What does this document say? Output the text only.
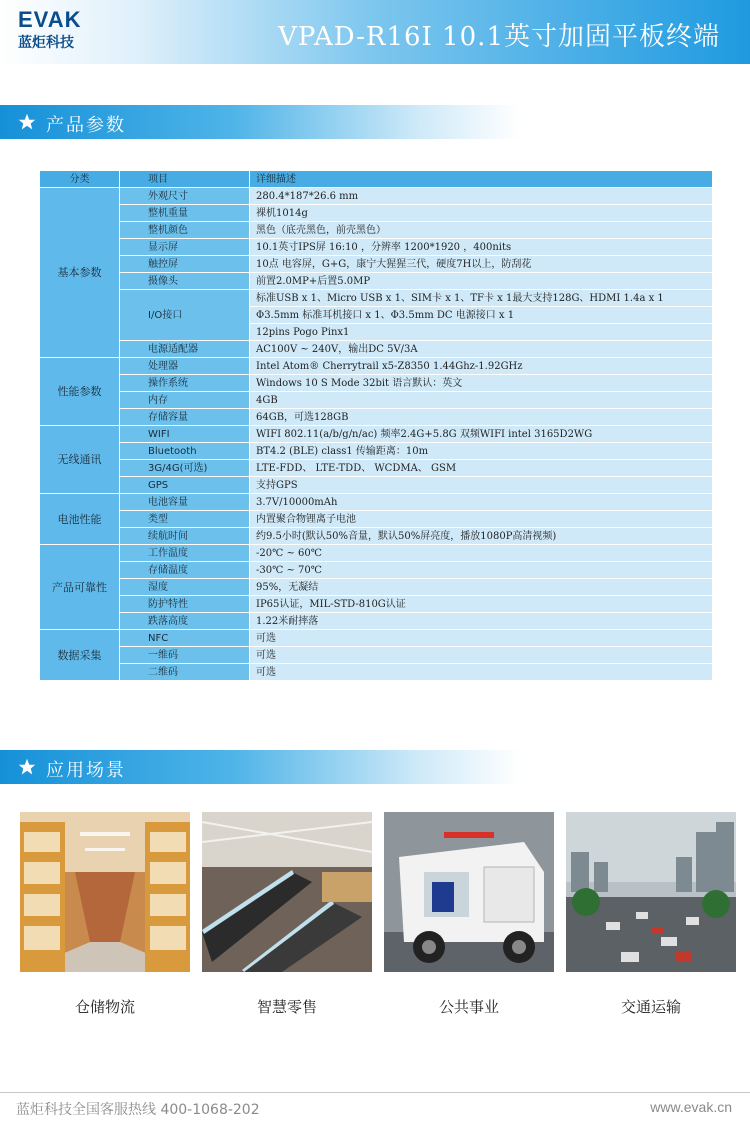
EVAK
蓝炬科技	VPAD-R16I 10.1英寸加固平板终端
产品参数
分类	项目	详细描述
基本参数	外观尺寸	280.4*187*26.6 mm
	整机重量	裸机1014g
	整机颜色	黑色（底壳黑色，前壳黑色）
	显示屏	10.1英寸IPS屏 16:10 ，分辨率 1200*1920 ，400nits
	触控屏	10点 电容屏，G+G，康宁大猩猩三代，硬度7H以上，防刮花
	摄像头	前置2.0MP+后置5.0MP
	I/O接口	标准USB x 1、Micro USB x 1、SIM卡 x 1、TF卡 x 1最大支持128G、HDMI 1.4a x 1
		Φ3.5mm 标准耳机接口 x 1、Φ3.5mm DC 电源接口 x 1
		12pins Pogo Pinx1
	电源适配器	AC100V ~ 240V，输出DC 5V/3A
性能参数	处理器	Intel Atom® Cherrytrail x5-Z8350 1.44Ghz-1.92GHz
	操作系统	Windows 10 S Mode 32bit 语言默认：英文
	内存	4GB
	存储容量	64GB，可选128GB
无线通讯	WIFI	WIFI 802.11(a/b/g/n/ac) 频率2.4G+5.8G 双频WIFI intel 3165D2WG
	Bluetooth	BT4.2 (BLE) class1 传输距离：10m
	3G/4G(可选)	LTE-FDD、 LTE-TDD、 WCDMA、 GSM
	GPS	支持GPS
电池性能	电池容量	3.7V/10000mAh
	类型	内置聚合物锂离子电池
	续航时间	约9.5小时(默认50%音量，默认50%屏亮度，播放1080P高清视频)
产品可靠性	工作温度	-20℃ ~ 60℃
	存储温度	-30℃ ~ 70℃
	湿度	95%，无凝结
	防护特性	IP65认证，MIL-STD-810G认证
	跌落高度	1.22米耐摔落
数据采集	NFC	可选
	一维码	可选
	二维码	可选
应用场景
仓储物流	智慧零售	公共事业	交通运输
蓝炬科技全国客服热线 400-1068-202	www.evak.cn
